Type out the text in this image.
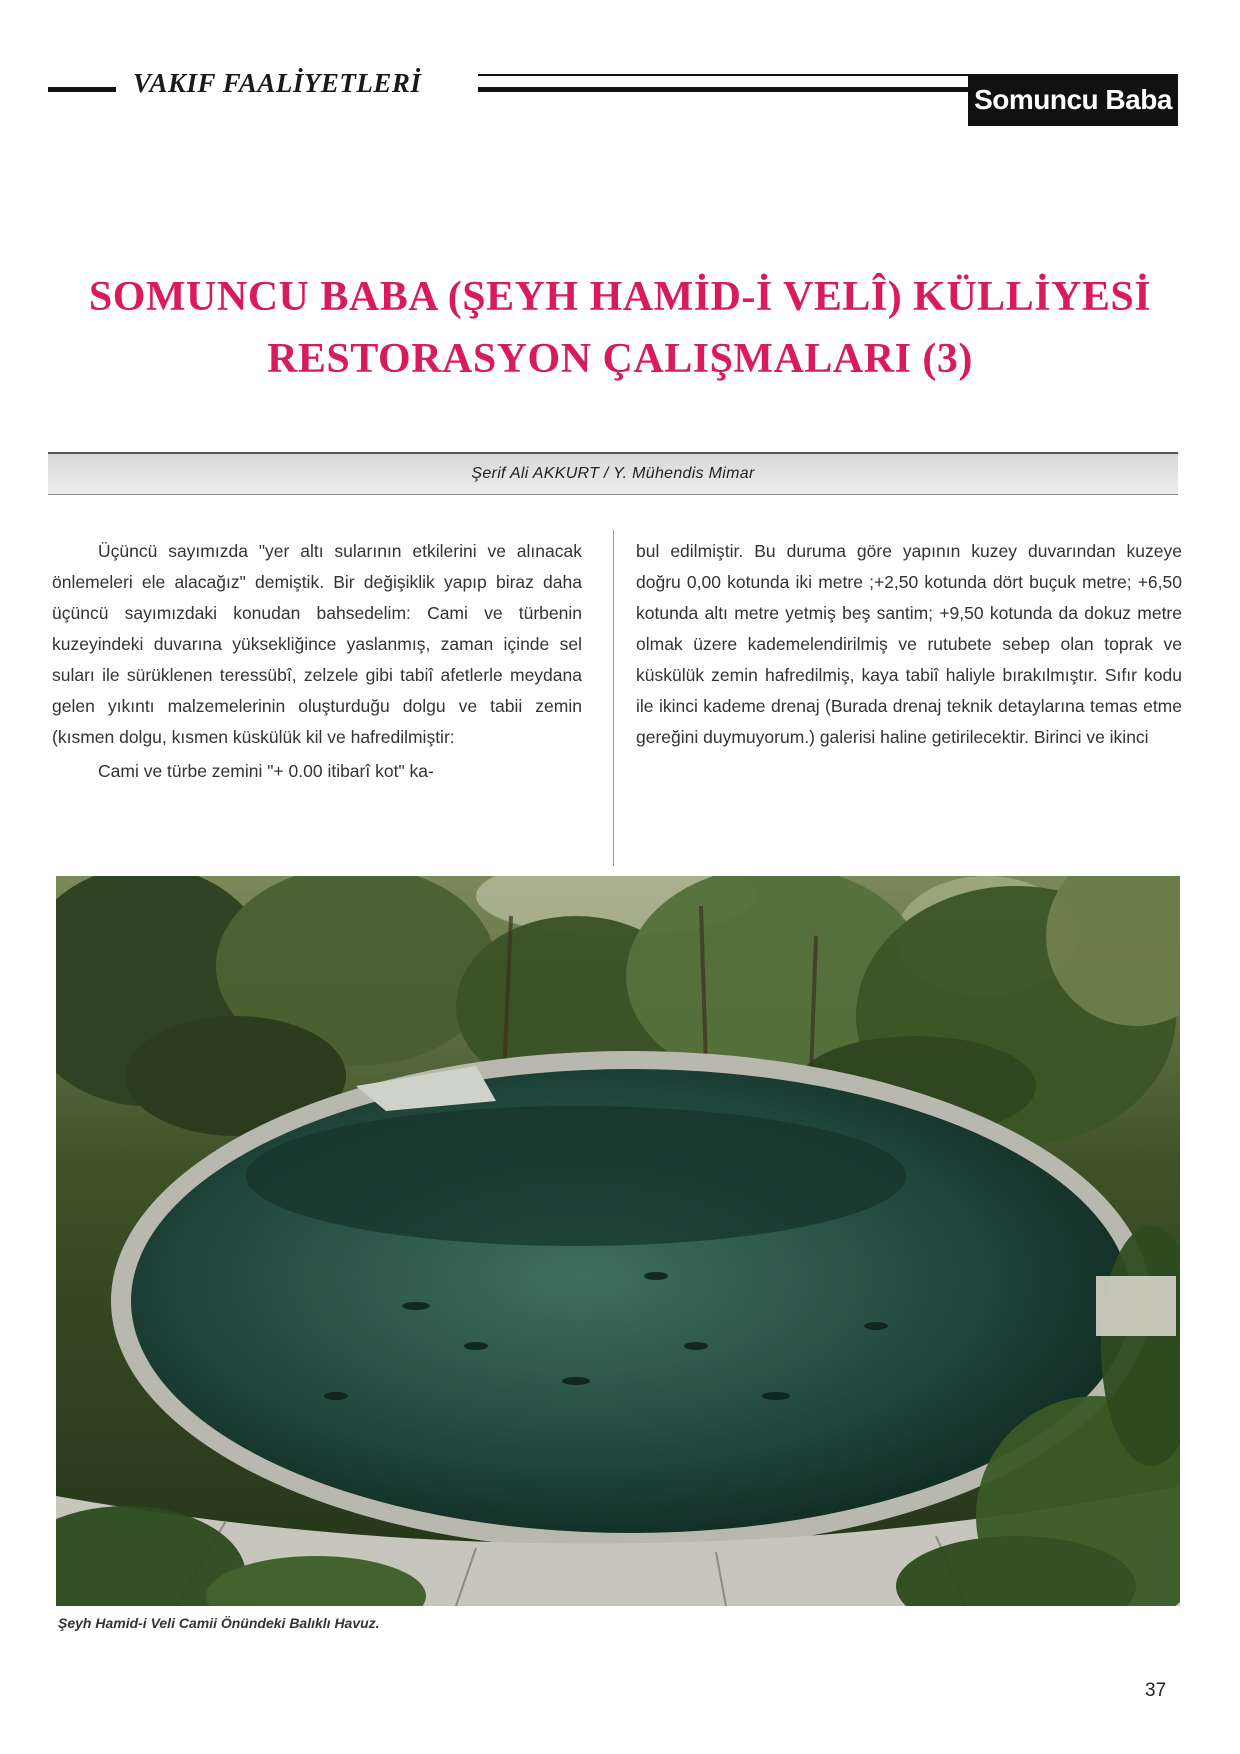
VAKIF FAALİYETLERİ
Somuncu Baba
SOMUNCU BABA (ŞEYH HAMİD-İ VELÎ) KÜLLİYESİ
RESTORASYON ÇALIŞMALARI (3)
Şerif Ali AKKURT / Y. Mühendis Mimar

Üçüncü sayımızda "yer altı sularının etkilerini ve alınacak önlemeleri ele alacağız" demiştik. Bir değişiklik yapıp biraz daha üçüncü sayımızdaki konudan bahsedelim: Cami ve türbenin kuzeyindeki duvarına yüksekliğince yaslanmış, zaman içinde sel suları ile sürüklenen teressübî, zelzele gibi tabiî afetlerle meydana gelen yıkıntı malzemelerinin oluşturduğu dolgu ve tabii zemin (kısmen dolgu, kısmen küskülük kil ve hafredilmiştir:

Cami ve türbe zemini "+ 0.00 itibarî kot" ka-

bul edilmiştir. Bu duruma göre yapının kuzey duvarından kuzeye doğru 0,00 kotunda iki metre ;+2,50 kotunda dört buçuk metre; +6,50 kotunda altı metre yetmiş beş santim; +9,50 kotunda da dokuz metre olmak üzere kademelendirilmiş ve rutubete sebep olan toprak ve küskülük zemin hafredilmiş, kaya tabiî haliyle bırakılmıştır. Sıfır kodu ile ikinci kademe drenaj (Burada drenaj teknik detaylarına temas etme gereğini duymuyorum.) galerisi haline getirilecektir. Birinci ve ikinci

Şeyh Hamid-i Veli Camii Önündeki Balıklı Havuz.
37
